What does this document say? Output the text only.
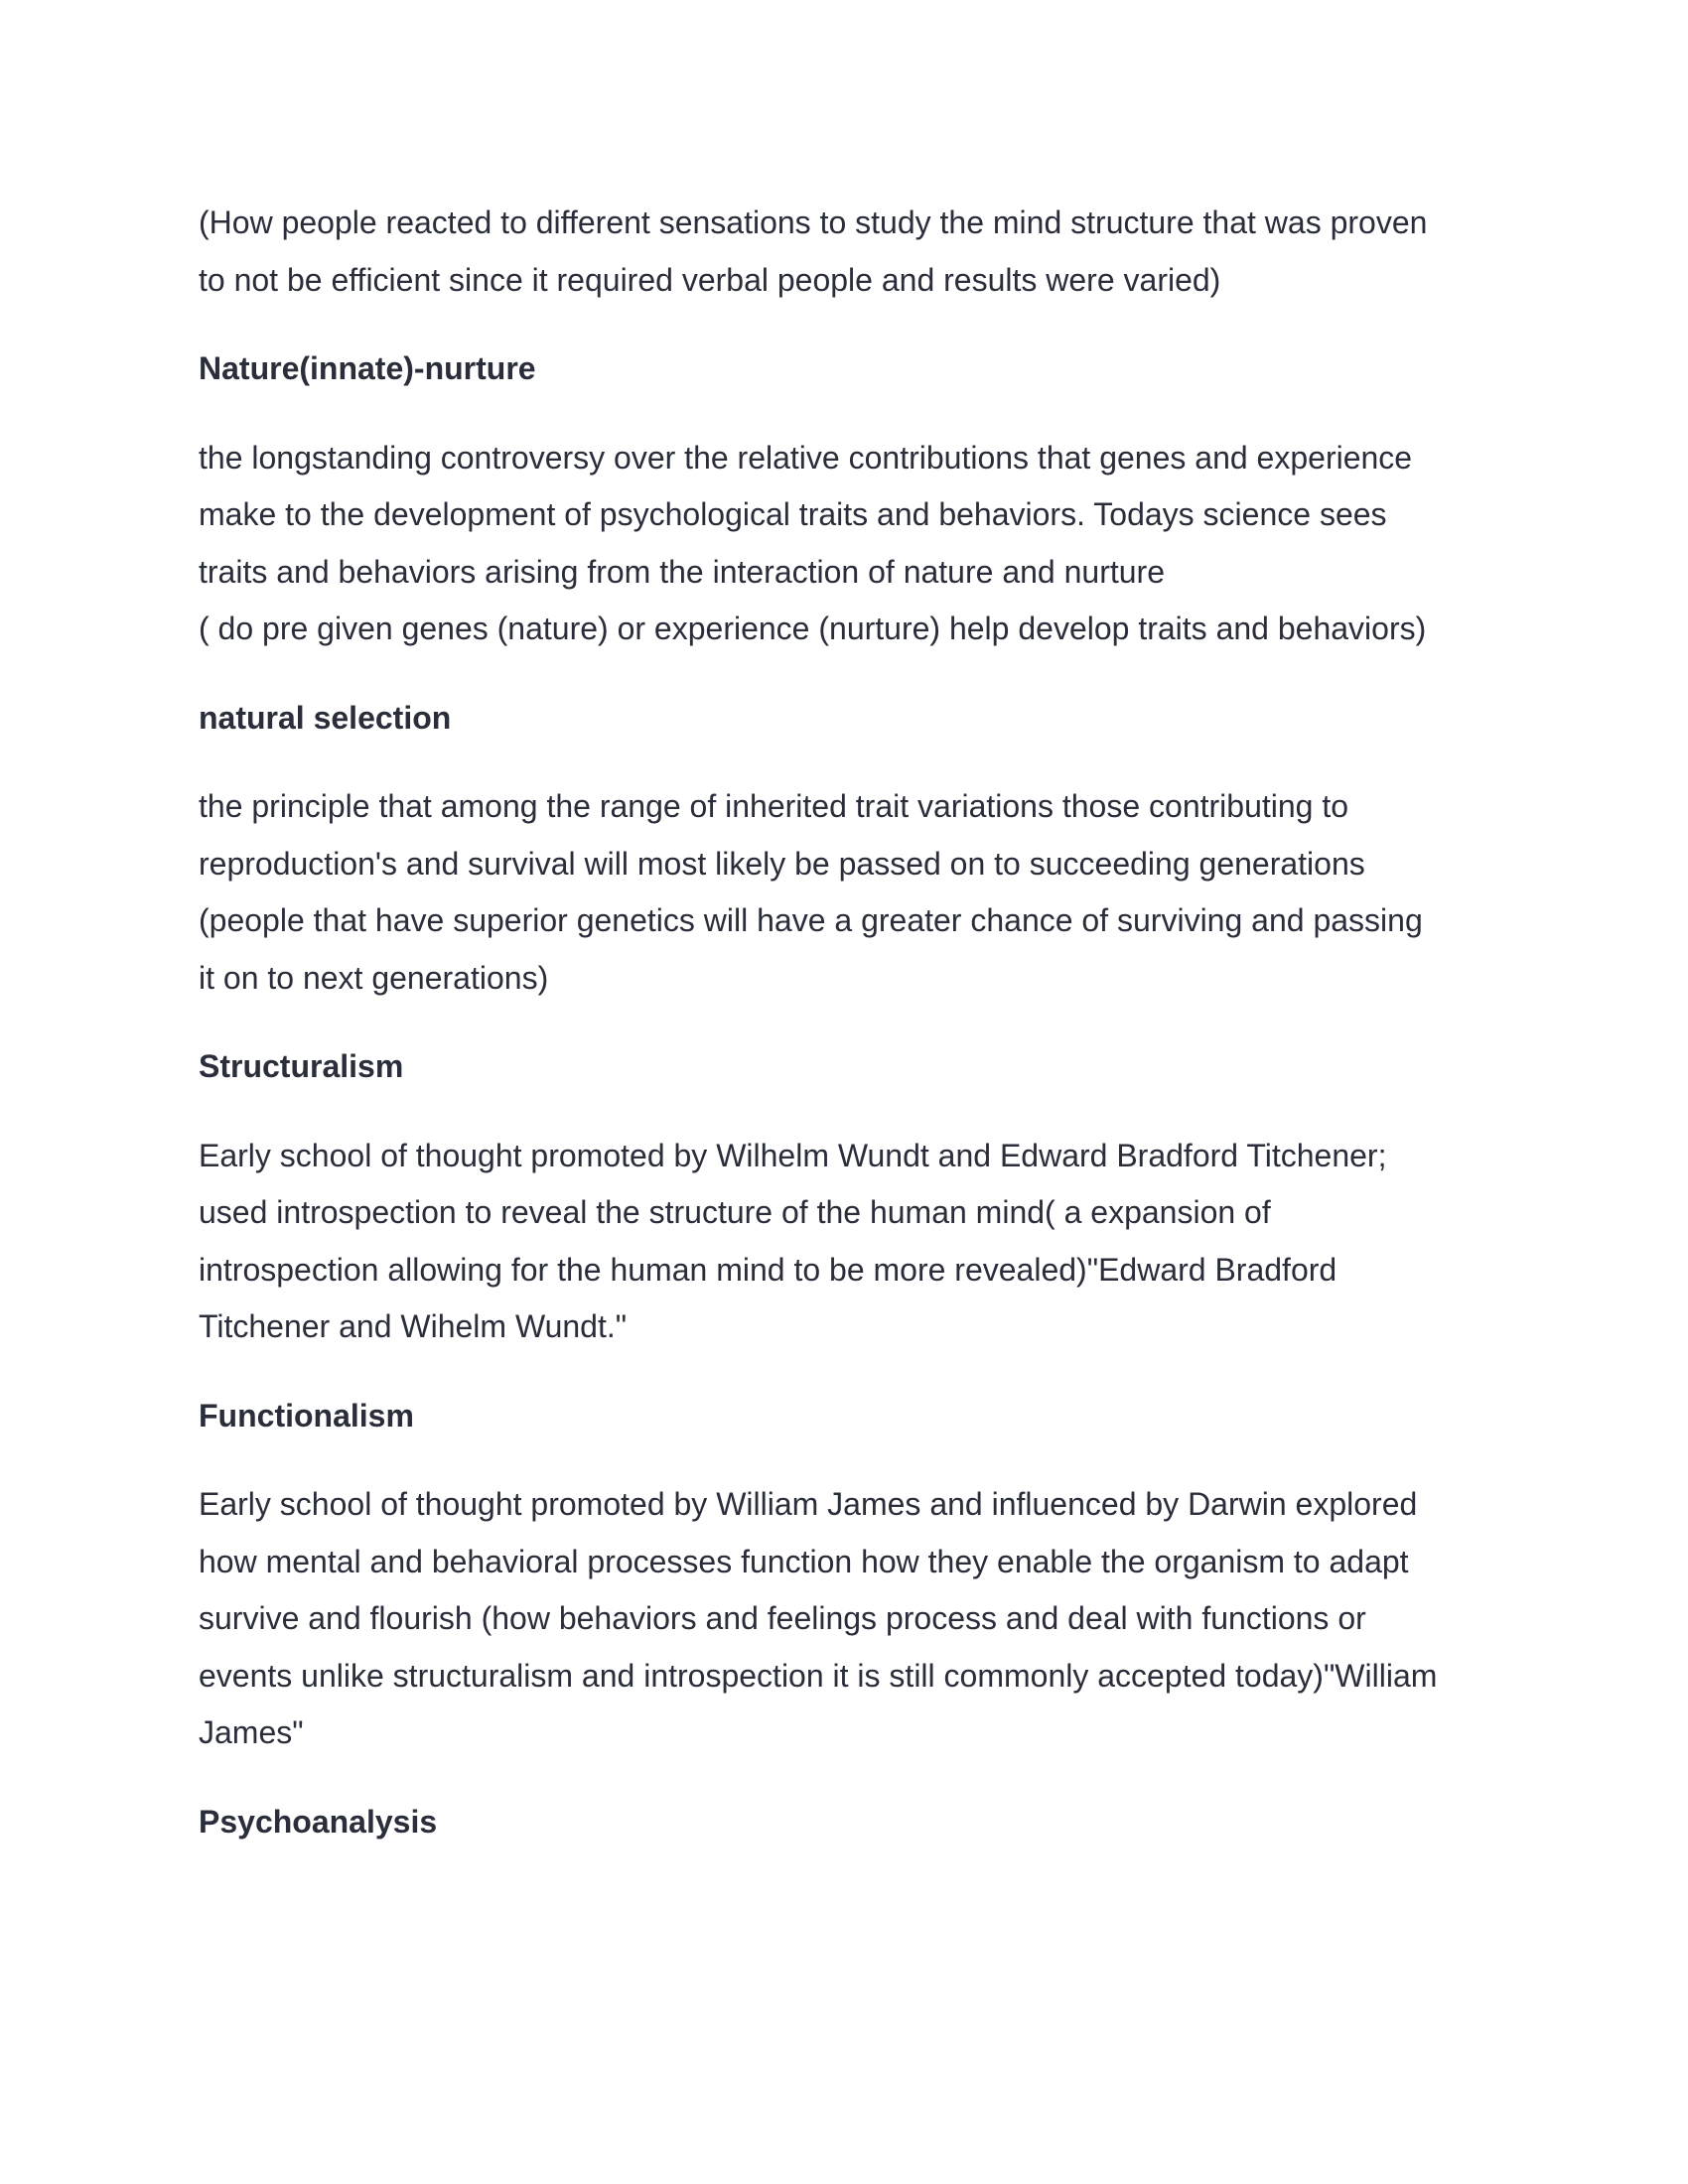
(How people reacted to different sensations to study the mind structure that was proven

to not be efficient since it required verbal people and results were varied)

Nature(innate)-nurture

the longstanding controversy over the relative contributions that genes and experience

make to the development of psychological traits and behaviors. Todays science sees

traits and behaviors arising from the interaction of nature and nurture

( do pre given genes (nature) or experience (nurture) help develop traits and behaviors)

natural selection

the principle that among the range of inherited trait variations those contributing to

reproduction's and survival will most likely be passed on to succeeding generations

(people that have superior genetics will have a greater chance of surviving and passing

it on to next generations)

Structuralism

Early school of thought promoted by Wilhelm Wundt and Edward Bradford Titchener;

used introspection to reveal the structure of the human mind( a expansion of

introspection allowing for the human mind to be more revealed)"Edward Bradford

Titchener and Wihelm Wundt."

Functionalism

Early school of thought promoted by William James and influenced by Darwin explored

how mental and behavioral processes function how they enable the organism to adapt

survive and flourish (how behaviors and feelings process and deal with functions or

events unlike structuralism and introspection it is still commonly accepted today)"William

James"

Psychoanalysis
